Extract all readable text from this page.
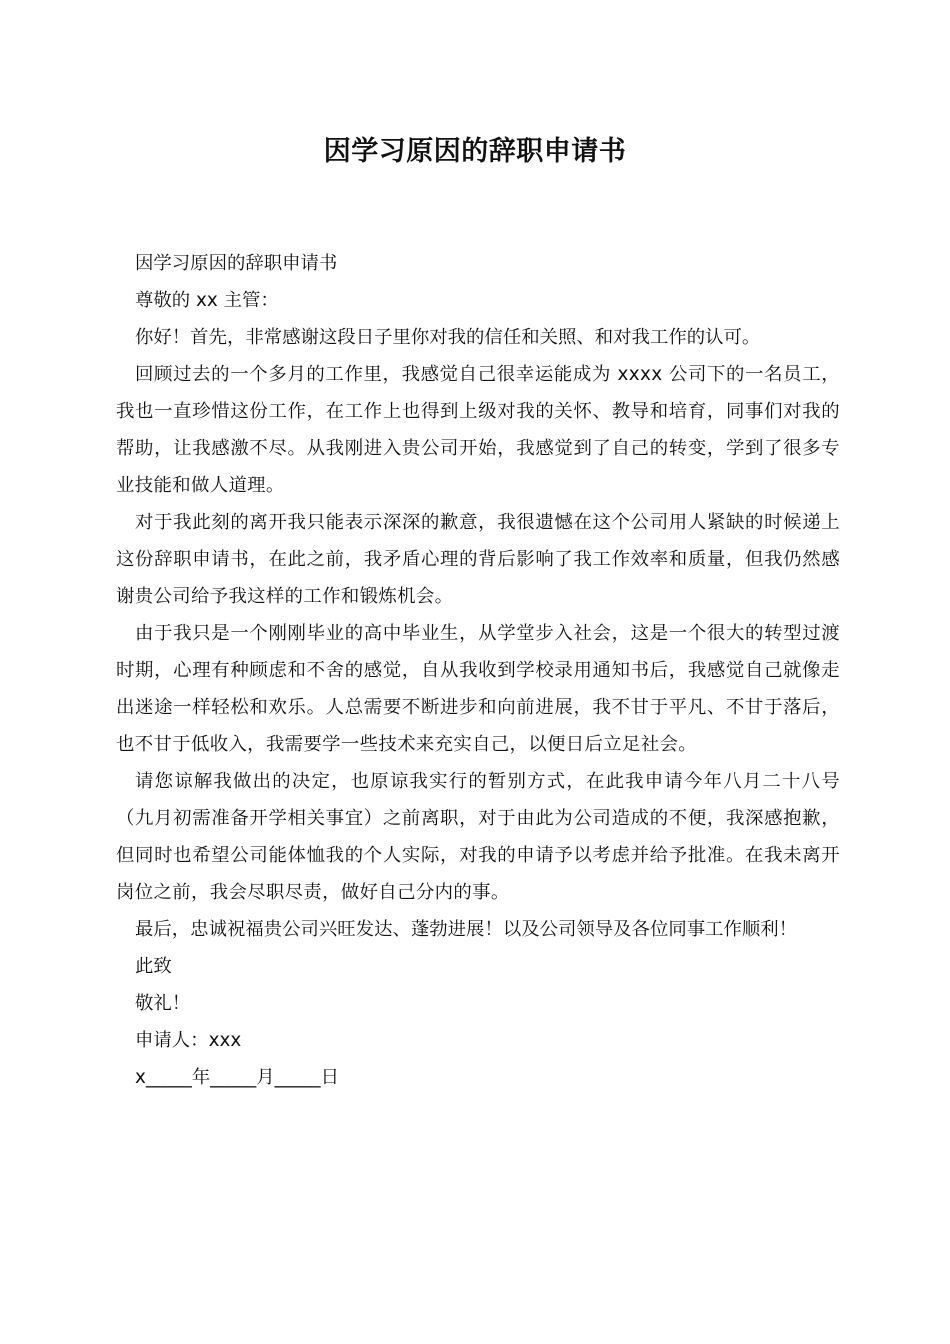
因学习原因的辞职申请书

因学习原因的辞职申请书

尊敬的 xx 主管：

你好！首先，非常感谢这段日子里你对我的信任和关照、和对我工作的认可。

回顾过去的一个多月的工作里，我感觉自己很幸运能成为 xxxx 公司下的一名员工，我也一直珍惜这份工作，在工作上也得到上级对我的关怀、教导和培育，同事们对我的帮助，让我感激不尽。从我刚进入贵公司开始，我感觉到了自己的转变，学到了很多专业技能和做人道理。

对于我此刻的离开我只能表示深深的歉意，我很遗憾在这个公司用人紧缺的时候递上这份辞职申请书，在此之前，我矛盾心理的背后影响了我工作效率和质量，但我仍然感谢贵公司给予我这样的工作和锻炼机会。

由于我只是一个刚刚毕业的高中毕业生，从学堂步入社会，这是一个很大的转型过渡时期，心理有种顾虑和不舍的感觉，自从我收到学校录用通知书后，我感觉自己就像走出迷途一样轻松和欢乐。人总需要不断进步和向前进展，我不甘于平凡、不甘于落后，也不甘于低收入，我需要学一些技术来充实自己，以便日后立足社会。

请您谅解我做出的决定，也原谅我实行的暂别方式，在此我申请今年八月二十八号（九月初需准备开学相关事宜）之前离职，对于由此为公司造成的不便，我深感抱歉，但同时也希望公司能体恤我的个人实际，对我的申请予以考虑并给予批准。在我未离开岗位之前，我会尽职尽责，做好自己分内的事。

最后，忠诚祝福贵公司兴旺发达、蓬勃进展！以及公司领导及各位同事工作顺利！

此致

敬礼！

申请人：xxx

x_____年_____月_____日
